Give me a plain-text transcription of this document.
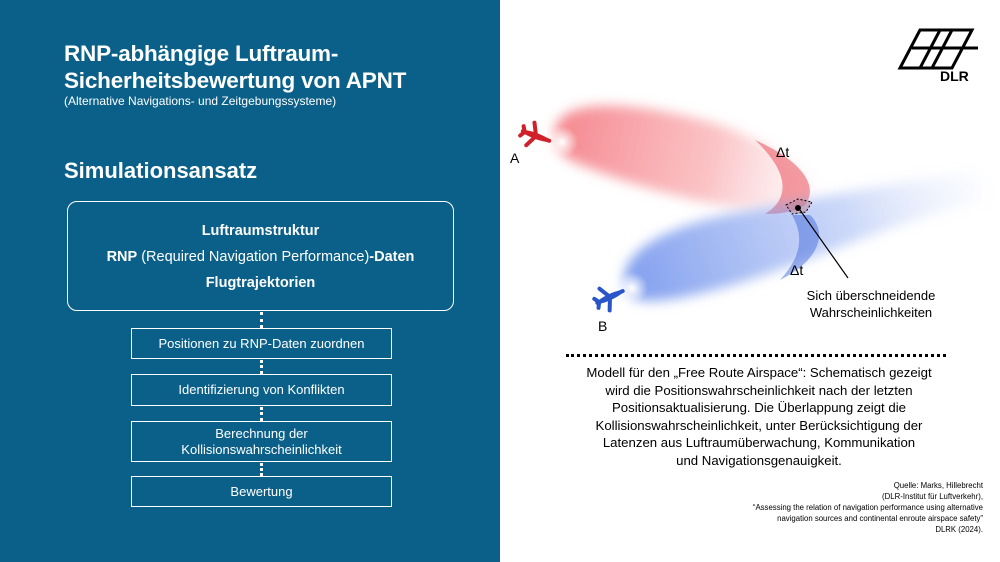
RNP-abhängige Luftraum-
Sicherheitsbewertung von APNT
(Alternative Navigations- und Zeitgebungssysteme)
Simulationsansatz
Luftraumstruktur
RNP (Required Navigation Performance)-Daten
Flugtrajektorien
Positionen zu RNP-Daten zuordnen
Identifizierung von Konflikten
Berechnung der
Kollisionswahrscheinlichkeit
Bewertung
DLR
A
B
Δt
Δt
Sich überschneidende
Wahrscheinlichkeiten
Modell für den „Free Route Airspace“: Schematisch gezeigt
wird die Positionswahrscheinlichkeit nach der letzten
Positionsaktualisierung. Die Überlappung zeigt die
Kollisionswahrscheinlichkeit, unter Berücksichtigung der
Latenzen aus Luftraumüberwachung, Kommunikation
und Navigationsgenauigkeit.
Quelle: Marks, Hillebrecht
(DLR-Institut für Luftverkehr),
“Assessing the relation of navigation performance using alternative
navigation sources and continental enroute airspace safety”
DLRK (2024).
